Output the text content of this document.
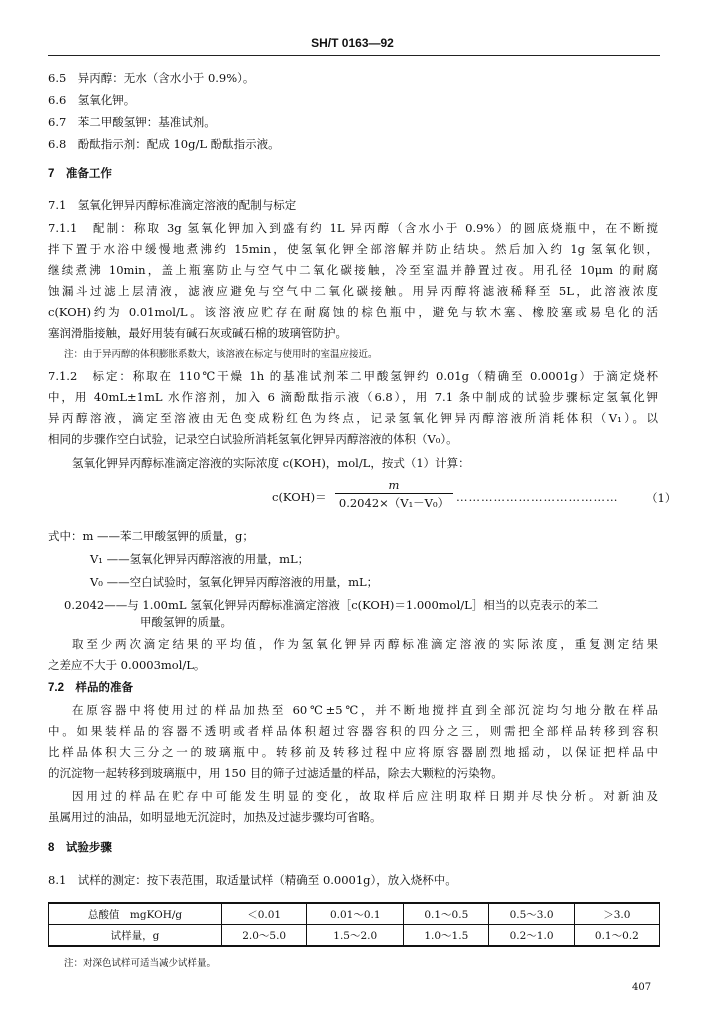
SH/T 0163—92
6.5　异丙醇：无水（含水小于 0.9%）。
6.6　氢氧化钾。
6.7　苯二甲酸氢钾：基准试剂。
6.8　酚酞指示剂：配成 10g/L 酚酞指示液。
7　准备工作
7.1　氢氧化钾异丙醇标准滴定溶液的配制与标定
7.1.1　配制：称取 3g 氢氧化钾加入到盛有约 1L 异丙醇（含水小于 0.9%）的圆底烧瓶中，在不断搅
拌下置于水浴中缓慢地煮沸约 15min，使氢氧化钾全部溶解并防止结块。然后加入约 1g 氢氧化钡，
继续煮沸 10min，盖上瓶塞防止与空气中二氧化碳接触，冷至室温并静置过夜。用孔径 10μm 的耐腐
蚀漏斗过滤上层清液，滤液应避免与空气中二氧化碳接触。用异丙醇将滤液稀释至 5L，此溶液浓度
c(KOH)约为 0.01mol/L。该溶液应贮存在耐腐蚀的棕色瓶中，避免与软木塞、橡胶塞或易皂化的活
塞润滑脂接触，最好用装有碱石灰或碱石棉的玻璃管防护。
注：由于异丙醇的体积膨胀系数大，该溶液在标定与使用时的室温应接近。
7.1.2　标定：称取在 110℃干燥 1h 的基准试剂苯二甲酸氢钾约 0.01g（精确至 0.0001g）于滴定烧杯
中，用 40mL±1mL 水作溶剂，加入 6 滴酚酞指示液（6.8），用 7.1 条中制成的试验步骤标定氢氧化钾
异丙醇溶液，滴定至溶液由无色变成粉红色为终点，记录氢氧化钾异丙醇溶液所消耗体积（V₁）。以
相同的步骤作空白试验，记录空白试验所消耗氢氧化钾异丙醇溶液的体积（V₀）。
氢氧化钾异丙醇标准滴定溶液的实际浓度 c(KOH)，mol/L，按式（1）计算：
c(KOH)＝
m
0.2042×（V₁－V₀） ………………………………… （1）
式中：m ——苯二甲酸氢钾的质量，g；
V₁ ——氢氧化钾异丙醇溶液的用量，mL；
V₀ ——空白试验时，氢氧化钾异丙醇溶液的用量，mL；
0.2042——与 1.00mL 氢氧化钾异丙醇标准滴定溶液［c(KOH)＝1.000mol/L］相当的以克表示的苯二
甲酸氢钾的质量。
取至少两次滴定结果的平均值，作为氢氧化钾异丙醇标准滴定溶液的实际浓度，重复测定结果
之差应不大于 0.0003mol/L。
7.2　样品的准备
在原容器中将使用过的样品加热至 60℃±5℃，并不断地搅拌直到全部沉淀均匀地分散在样品
中。如果装样品的容器不透明或者样品体积超过容器容积的四分之三，则需把全部样品转移到容积
比样品体积大三分之一的玻璃瓶中。转移前及转移过程中应将原容器剧烈地摇动，以保证把样品中
的沉淀物一起转移到玻璃瓶中，用 150 目的筛子过滤适量的样品，除去大颗粒的污染物。
因用过的样品在贮存中可能发生明显的变化，故取样后应注明取样日期并尽快分析。对新油及
虽属用过的油品，如明显地无沉淀时，加热及过滤步骤均可省略。
8　试验步骤
8.1　试样的测定：按下表范围，取适量试样（精确至 0.0001g），放入烧杯中。
总酸值　mgKOH/g	＜0.01	0.01～0.1	0.1～0.5	0.5～3.0	＞3.0
试样量，g	2.0～5.0	1.5～2.0	1.0～1.5	0.2～1.0	0.1～0.2
注：对深色试样可适当减少试样量。
407
